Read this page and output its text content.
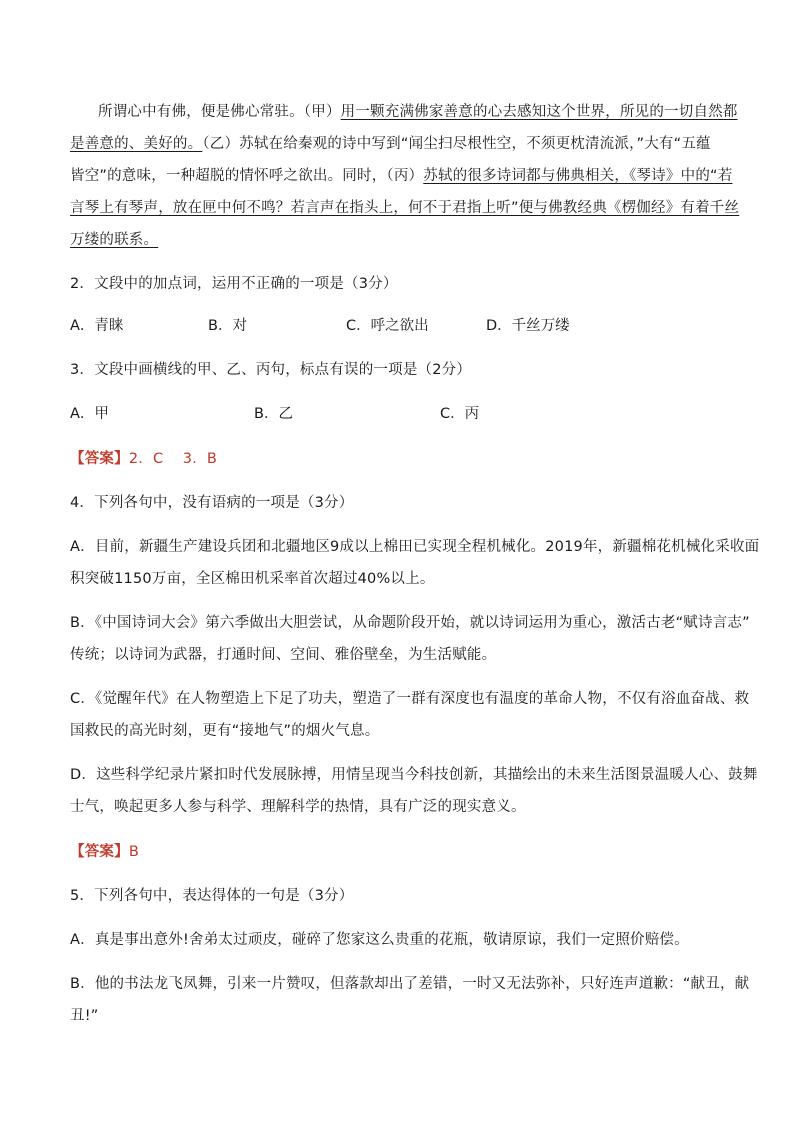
所谓心中有佛，便是佛心常驻。（甲）用一颗充满佛家善意的心去感知这个世界，所见的一切自然都
是善意的、美好的。（乙）苏轼在给秦观的诗中写到“闻尘扫尽根性空，不须更枕清流派，”大有“五蕴
皆空”的意味，一种超脱的情怀呼之欲出。同时，（丙）苏轼的很多诗词都与佛典相关，《琴诗》中的“若
言琴上有琴声，放在匣中何不鸣？若言声在指头上，何不于君指上听”便与佛教经典《楞伽经》有着千丝
万缕的联系。
2．文段中的加点词，运用不正确的一项是（3分）
A．青睐	B．对	C．呼之欲出	D．千丝万缕
3．文段中画横线的甲、乙、丙句，标点有误的一项是（2分）
A．甲	B．乙	C．丙
【答案】2．C　 3．B
4．下列各句中，没有语病的一项是（3分）
A．目前，新疆生产建设兵团和北疆地区9成以上棉田已实现全程机械化。2019年，新疆棉花机械化采收面
积突破1150万亩，全区棉田机采率首次超过40%以上。
B．《中国诗词大会》第六季做出大胆尝试，从命题阶段开始，就以诗词运用为重心，激活古老“赋诗言志”
传统；以诗词为武器，打通时间、空间、雅俗壁垒，为生活赋能。
C．《觉醒年代》在人物塑造上下足了功夫，塑造了一群有深度也有温度的革命人物，不仅有浴血奋战、救
国救民的高光时刻，更有“接地气”的烟火气息。
D．这些科学纪录片紧扣时代发展脉搏，用情呈现当今科技创新，其描绘出的未来生活图景温暖人心、鼓舞
士气，唤起更多人参与科学、理解科学的热情，具有广泛的现实意义。
【答案】B
5．下列各句中，表达得体的一句是（3分）
A．真是事出意外!舍弟太过顽皮，碰碎了您家这么贵重的花瓶，敬请原谅，我们一定照价赔偿。
B．他的书法龙飞凤舞，引来一片赞叹，但落款却出了差错，一时又无法弥补，只好连声道歉：“献丑，献
丑!”
